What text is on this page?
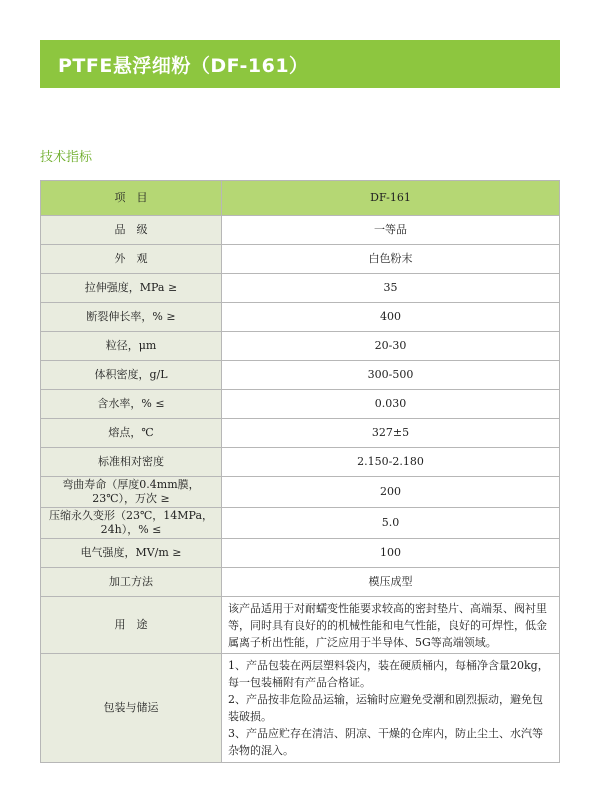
PTFE悬浮细粉（DF-161）
技术指标
项　目	DF-161
品　级	一等品
外　观	白色粉末
拉伸强度，MPa ≥	35
断裂伸长率，% ≥	400
粒径，μm	20-30
体积密度，g/L	300-500
含水率，% ≤	0.030
熔点，℃	327±5
标准相对密度	2.150-2.180
弯曲寿命（厚度0.4mm膜，23℃），万次 ≥	200
压缩永久变形（23℃，14MPa，24h），% ≤	5.0
电气强度，MV/m ≥	100
加工方法	模压成型
用　途	该产品适用于对耐蠕变性能要求较高的密封垫片、高端泵、阀衬里等，同时具有良好的的机械性能和电气性能，良好的可焊性，低金属离子析出性能，广泛应用于半导体、5G等高端领域。
包装与储运	1、产品包装在两层塑料袋内，装在硬质桶内，每桶净含量20kg，每一包装桶附有产品合格证。
2、产品按非危险品运输，运输时应避免受潮和剧烈振动，避免包装破损。
3、产品应贮存在清洁、阴凉、干燥的仓库内，防止尘土、水汽等杂物的混入。
